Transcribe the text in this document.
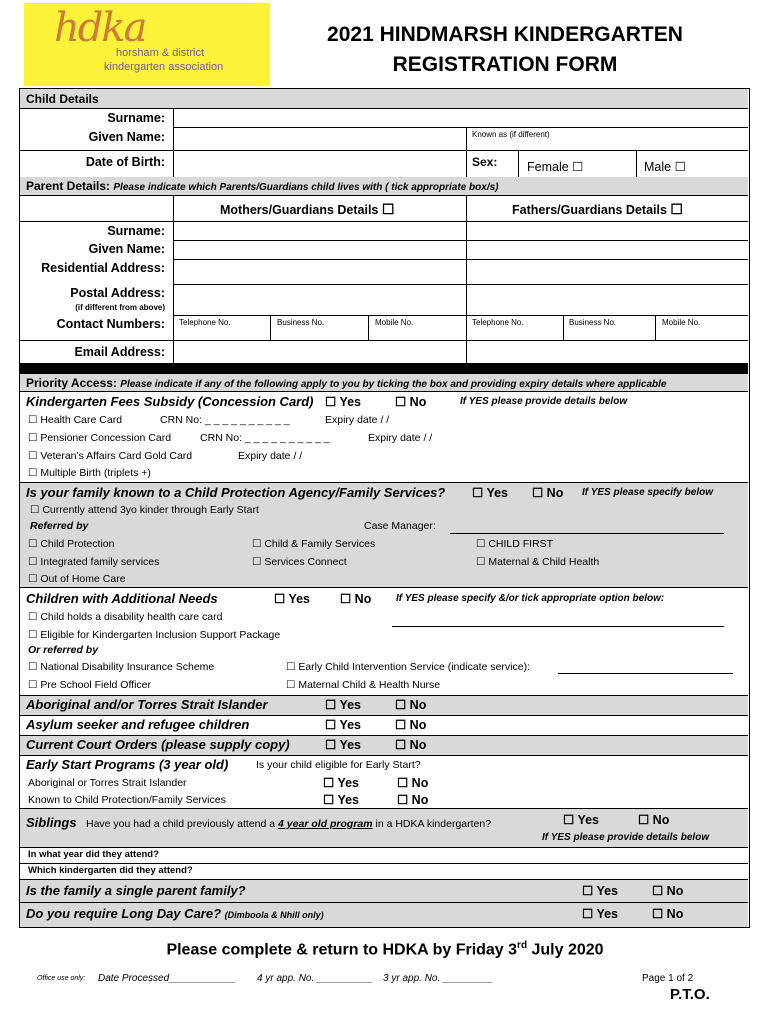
hdka
horsham & district
kindergarten association
2021 HINDMARSH KINDERGARTEN
REGISTRATION FORM
Child Details
Surname:
Given Name:	Known as (if different)
Date of Birth:	Sex: Female ☐	Male ☐
Parent Details: Please indicate which Parents/Guardians child lives with ( tick appropriate box/s)
Mothers/Guardians Details ☐	Fathers/Guardians Details ☐
Surname:
Given Name:
Residential Address:
Postal Address:
(if different from above)
Contact Numbers: Telephone No.	Business No.	Mobile No.	Telephone No.	Business No.	Mobile No.
Email Address:
Priority Access: Please indicate if any of the following apply to you by ticking the box and providing expiry details where applicable
Kindergarten Fees Subsidy (Concession Card) ☐ Yes	☐ No	If YES please provide details below
☐ Health Care Card	CRN No: _ _ _ _ _ _ _ _ _ _	Expiry date / /
☐ Pensioner Concession Card	CRN No: _ _ _ _ _ _ _ _ _ _	Expiry date / /
☐ Veteran's Affairs Card Gold Card	Expiry date / /
☐ Multiple Birth (triplets +)
Is your family known to a Child Protection Agency/Family Services? ☐ Yes ☐ No If YES please specify below
☐ Currently attend 3yo kinder through Early Start
Referred by	Case Manager:
☐ Child Protection	☐ Child & Family Services	☐ CHILD FIRST
☐ Integrated family services	☐ Services Connect	☐ Maternal & Child Health
☐ Out of Home Care
Children with Additional Needs	☐ Yes ☐ No If YES please specify &/or tick appropriate option below:
☐ Child holds a disability health care card
☐ Eligible for Kindergarten Inclusion Support Package
Or referred by
☐ National Disability Insurance Scheme	☐ Early Child Intervention Service (indicate service):
☐ Pre School Field Officer	☐ Maternal Child & Health Nurse
Aboriginal and/or Torres Strait Islander	☐ Yes	☐ No
Asylum seeker and refugee children	☐ Yes	☐ No
Current Court Orders (please supply copy)	☐ Yes	☐ No
Early Start Programs (3 year old)	Is your child eligible for Early Start?
Aboriginal or Torres Strait Islander	☐ Yes	☐ No
Known to Child Protection/Family Services	☐ Yes	☐ No
Siblings Have you had a child previously attend a 4 year old program in a HDKA kindergarten?	☐ Yes	☐ No
If YES please provide details below
In what year did they attend?
Which kindergarten did they attend?
Is the family a single parent family?	☐ Yes	☐ No
Do you require Long Day Care? (Dimboola & Nhill only)	☐ Yes	☐ No
Please complete & return to HDKA by Friday 3rd July 2020
Office use only: Date Processed____________ 4 yr app. No. __________ 3 yr app. No. _________	Page 1 of 2
P.T.O.
